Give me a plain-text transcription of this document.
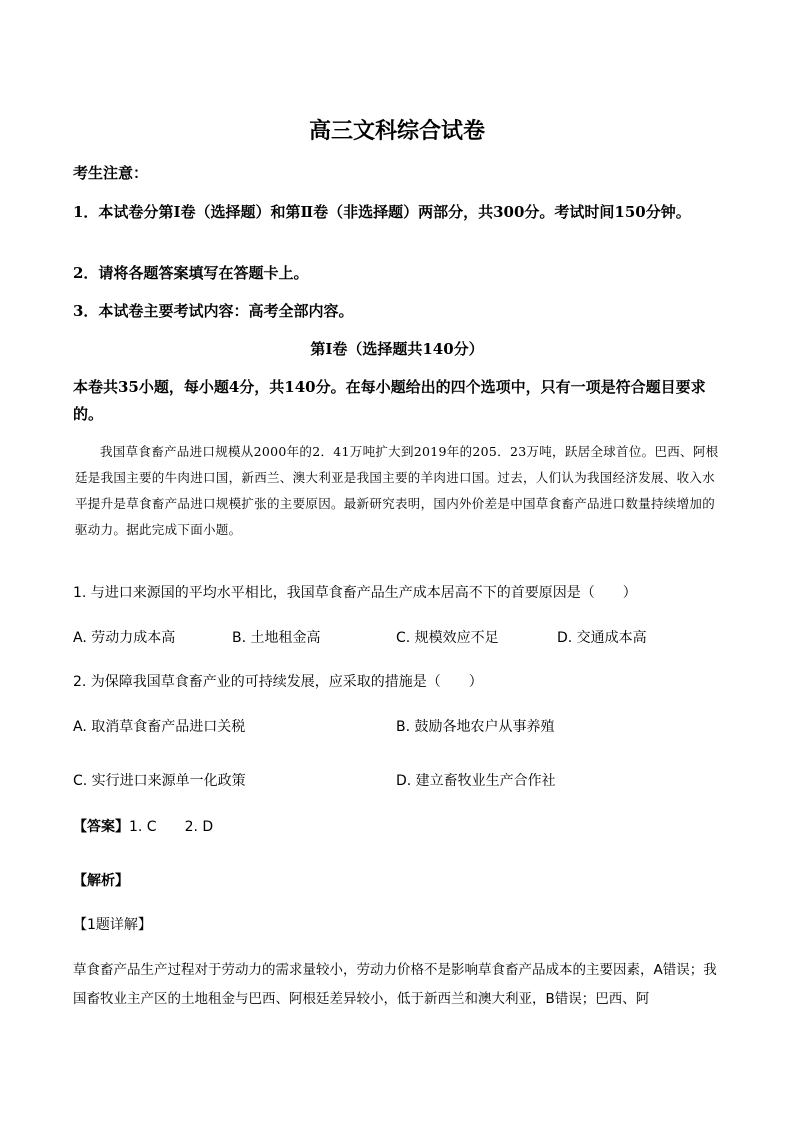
高三文科综合试卷
考生注意：
1．本试卷分第Ⅰ卷（选择题）和第Ⅱ卷（非选择题）两部分，共300分。考试时间150分钟。
2．请将各题答案填写在答题卡上。
3．本试卷主要考试内容：高考全部内容。
第Ⅰ卷（选择题共140分）
本卷共35小题，每小题4分，共140分。在每小题给出的四个选项中，只有一项是符合题目要求的。
我国草食畜产品进口规模从2000年的2．41万吨扩大到2019年的205．23万吨，跃居全球首位。巴西、阿根廷是我国主要的牛肉进口国，新西兰、澳大利亚是我国主要的羊肉进口国。过去，人们认为我国经济发展、收入水平提升是草食畜产品进口规模扩张的主要原因。最新研究表明，国内外价差是中国草食畜产品进口数量持续增加的驱动力。据此完成下面小题。
1. 与进口来源国的平均水平相比，我国草食畜产品生产成本居高不下的首要原因是（　　）
A. 劳动力成本高	B. 土地租金高	C. 规模效应不足	D. 交通成本高
2. 为保障我国草食畜产业的可持续发展，应采取的措施是（　　）
A. 取消草食畜产品进口关税	B. 鼓励各地农户从事养殖
C. 实行进口来源单一化政策	D. 建立畜牧业生产合作社
【答案】1. C　　2. D
【解析】
【1题详解】
草食畜产品生产过程对于劳动力的需求量较小，劳动力价格不是影响草食畜产品成本的主要因素，A错误；我国畜牧业主产区的土地租金与巴西、阿根廷差异较小，低于新西兰和澳大利亚，B错误；巴西、阿
